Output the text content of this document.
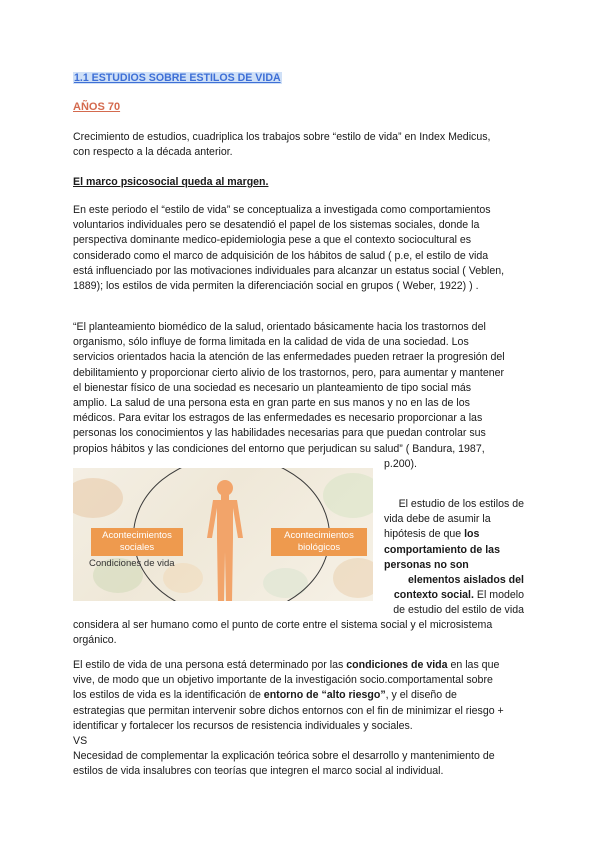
1.1 ESTUDIOS SOBRE ESTILOS DE VIDA
AÑOS 70

Crecimiento de estudios, cuadriplica los trabajos sobre “estilo de vida” en Index Medicus,

con respecto a la década anterior.

El marco psicosocial queda al margen.

En este periodo el “estilo de vida” se conceptualiza a investigada como comportamientos

voluntarios individuales pero se desatendió el papel de los sistemas sociales, donde la

perspectiva dominante medico-epidemiologia pese a que el contexto sociocultural es

considerado como el marco de adquisición de los hábitos de salud ( p.e, el estilo de vida

está influenciado por las motivaciones individuales para alcanzar un estatus social ( Veblen,

1889); los estilos de vida permiten la diferenciación social en grupos ( Weber, 1922) ) .

“El planteamiento biomédico de la salud, orientado básicamente hacia los trastornos del

organismo, sólo influye de forma limitada en la calidad de vida de una sociedad. Los

servicios orientados hacia la atención de las enfermedades pueden retraer la progresión del

debilitamiento y proporcionar cierto alivio de los trastornos, pero, para aumentar y mantener

el bienestar físico de una sociedad es necesario un planteamiento de tipo social más

amplio. La salud de una persona esta en gran parte en sus manos y no en las de los

médicos. Para evitar los estragos de las enfermedades es necesario proporcionar a las

personas los conocimientos y las habilidades necesarias para que puedan controlar sus

propios hábitos y las condiciones del entorno que perjudican su salud” ( Bandura, 1987,

p.200).
Acontecimientos sociales
Acontecimientos biológicos
Condiciones de vida

El estudio de los estilos de

vida debe de asumir la

hipótesis de que los

comportamiento de las

personas no son

elementos aislados del

contexto social. El modelo

de estudio del estilo de vida

considera al ser humano como el punto de corte entre el sistema social y el microsistema

orgánico.

El estilo de vida de una persona está determinado por las condiciones de vida en las que

vive, de modo que un objetivo importante de la investigación socio.comportamental sobre

los estilos de vida es la identificación de entorno de “alto riesgo”, y el diseño de

estrategias que permitan intervenir sobre dichos entornos con el fin de minimizar el riesgo +

identificar y fortalecer los recursos de resistencia individuales y sociales.

VS

Necesidad de complementar la explicación teórica sobre el desarrollo y mantenimiento de

estilos de vida insalubres con teorías que integren el marco social al individual.
